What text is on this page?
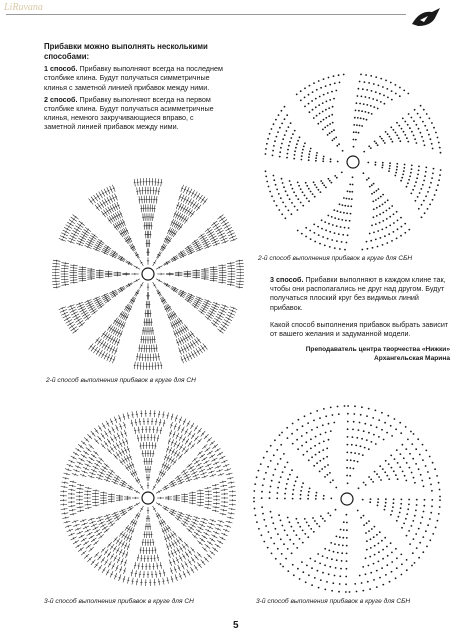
LiRuvana

Прибавки можно выполнять несколькими способами:

1 способ. Прибавку выполняют всегда на последнем столбике клина. Будут получаться симметричные клинья с заметной линией прибавок между ними.

2 способ. Прибавку выполняют всегда на первом столбике клина. Будут получаться асимметричные клинья, немного закручивающиеся вправо, с заметной линией прибавок между ними.

2-й способ выполнения прибавок в круге для СБН
2-й способ выполнения прибавок в круге для СН
3-й способ выполнения прибавок в круге для СН	3-й способ выполнения прибавок в круге для СБН

3 способ. Прибавки выполняют в каждом клине так, чтобы они располагались не друг над другом. Будут получаться плоский круг без видимых линий прибавок.

Какой способ выполнения прибавок выбрать зависит от вашего желания и задуманной модели.

Преподаватель центра творчества «Нижки»
Архангельская Марина
5
